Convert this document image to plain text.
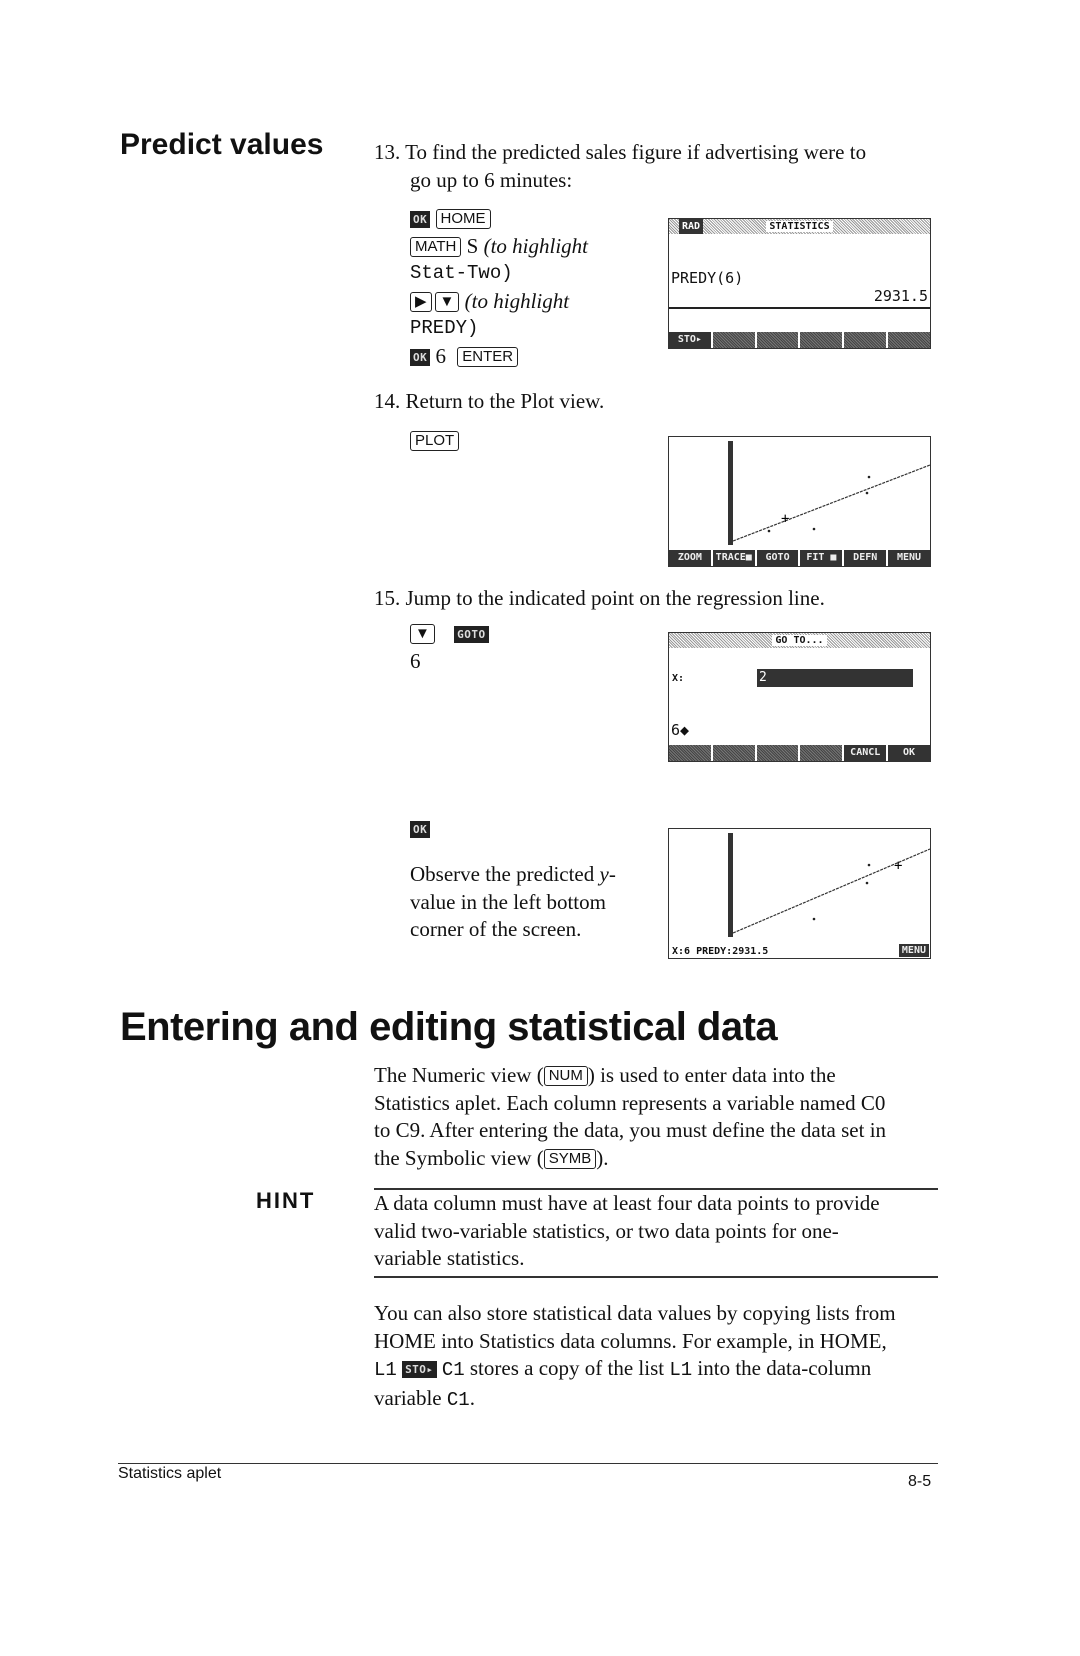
Predict values 13. To find the predicted sales figure if advertising were to
go up to 6 minutes:
OK HOME
MATH S (to highlight
Stat-Two)
▶ ▼ (to highlight
PREDY)
OK 6 ENTER
RAD	STATISTICS
PREDY(6)
2931.5
STO▸
14. Return to the Plot view.
PLOT
+
ZOOM	TRACE■	GOTO	FIT ■	DEFN	MENU
15. Jump to the indicated point on the regression line.
▼ GOTO
6
GO TO...
X:	2
6◆
CANCL	OK
OK
Observe the predicted y-
value in the left bottom
corner of the screen.
+
X:6 PREDY:2931.5	MENU
Entering and editing statistical data
The Numeric view ( NUM ) is used to enter data into the
Statistics aplet. Each column represents a variable named C0
to C9. After entering the data, you must define the data set in
the Symbolic view ( SYMB ).
HINT	A data column must have at least four data points to provide
valid two-variable statistics, or two data points for one-
variable statistics.
You can also store statistical data values by copying lists from
HOME into Statistics data columns. For example, in HOME,
L1 STO▸ C1 stores a copy of the list L1 into the data-column
variable C1.
Statistics aplet	8-5
